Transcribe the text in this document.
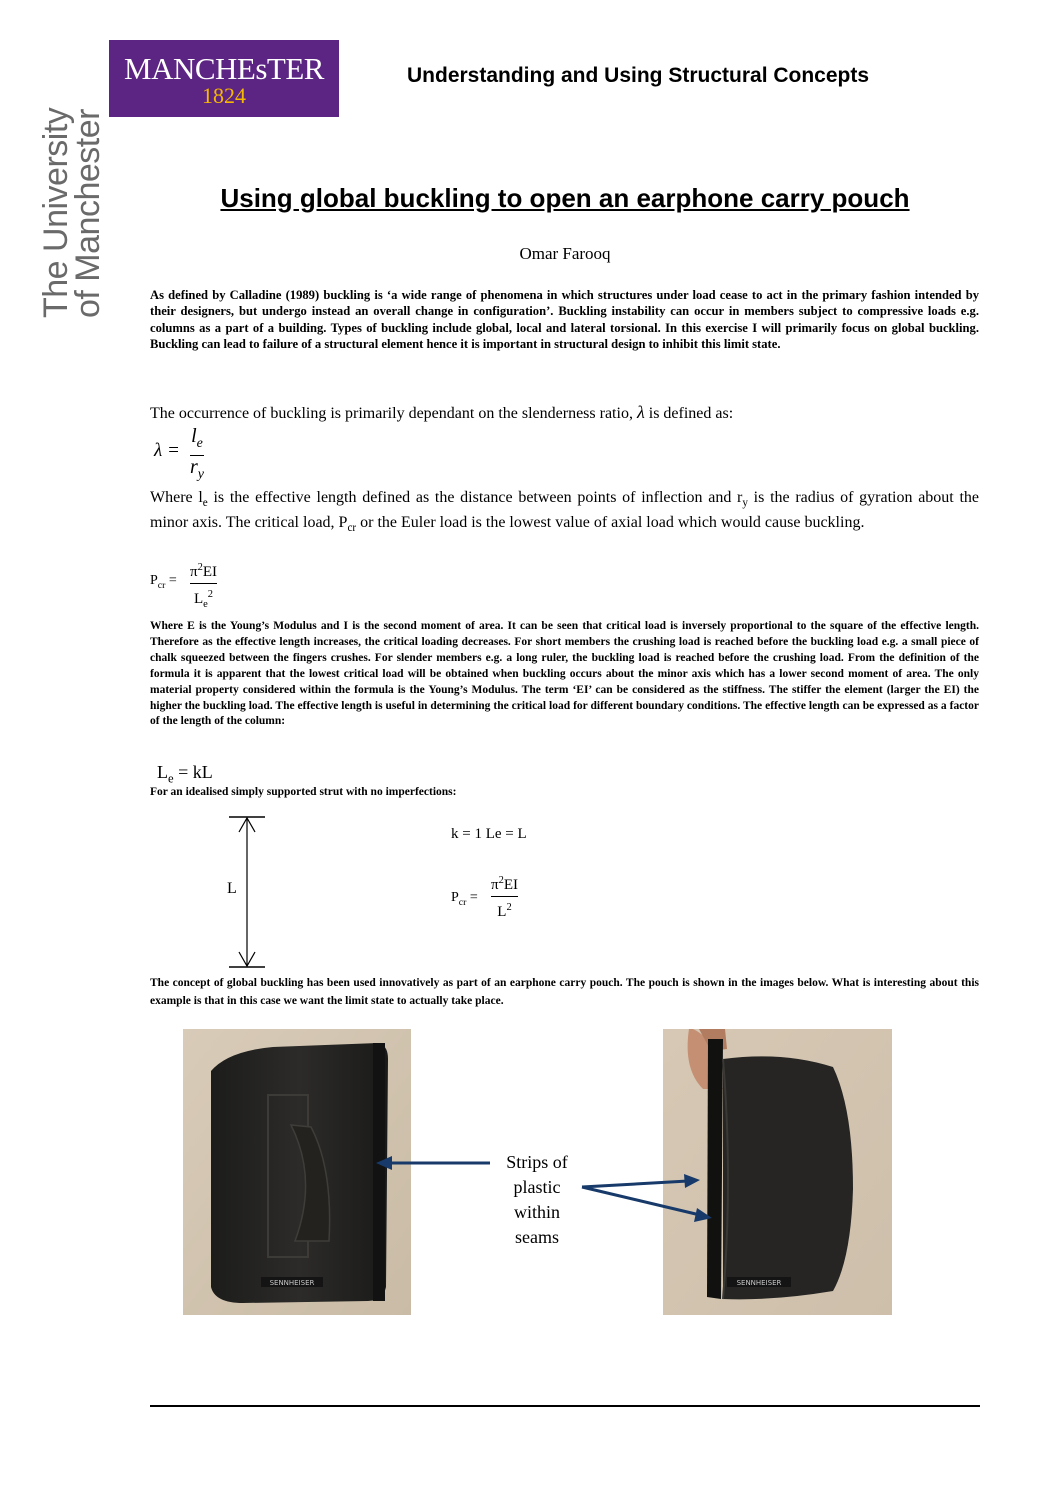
MANCHEsTER
1824
The University
of Manchester
Understanding and Using Structural Concepts
Using global buckling to open an earphone carry pouch
Omar Farooq
As defined by Calladine (1989) buckling is ‘a wide range of phenomena in which structures under load cease to act in the primary fashion intended by their designers, but undergo instead an overall change in configuration’. Buckling instability can occur in members subject to compressive loads e.g. columns as a part of a building. Types of buckling include global, local and lateral torsional. In this exercise I will primarily focus on global buckling. Buckling can lead to failure of a structural element hence it is important in structural design to inhibit this limit state.
The occurrence of buckling is primarily dependant on the slenderness ratio, λ is defined as:
λ =
$l_e$
$r_y$
Where $l_e$ is the effective length defined as the distance between points of inflection and $r_y$ is the radius of gyration about the minor axis. The critical load, $P_{cr}$ or the Euler load is the lowest value of axial load which would cause buckling.
$P_{cr}$ =
$\pi^2EI$
$L_e^2$
Where E is the Young’s Modulus and I is the second moment of area. It can be seen that critical load is inversely proportional to the square of the effective length. Therefore as the effective length increases, the critical loading decreases. For short members the crushing load is reached before the buckling load e.g. a small piece of chalk squeezed between the fingers crushes. For slender members e.g. a long ruler, the buckling load is reached before the crushing load. From the definition of the formula it is apparent that the lowest critical load will be obtained when buckling occurs about the minor axis which has a lower second moment of area. The only material property considered within the formula is the Young’s Modulus. The term ‘EI’ can be considered as the stiffness. The stiffer the element (larger the EI) the higher the buckling load. The effective length is useful in determining the critical load for different boundary conditions. The effective length can be expressed as a factor of the length of the column:
$L_e$ = kL
For an idealised simply supported strut with no imperfections:
L
k = 1 Le = L
$P_{cr}$ =
$\pi^2EI$
$L^2$
The concept of global buckling has been used innovatively as part of an earphone carry pouch. The pouch is shown in the images below. What is interesting about this example is that in this case we want the limit state to actually take place.
SENNHEISER	SENNHEISER
Strips of
plastic
within
seams
